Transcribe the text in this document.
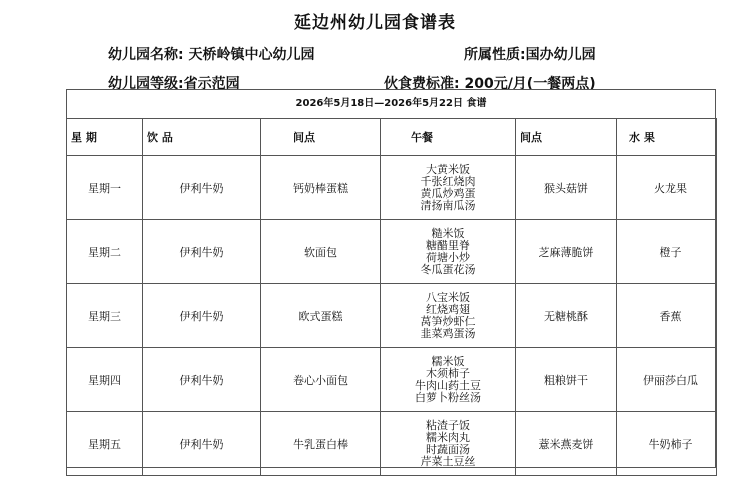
延边州幼儿园食谱表
幼儿园名称: 天桥岭镇中心幼儿园	所属性质:国办幼儿园
幼儿园等级:省示范园	伙食费标准: 200元/月(一餐两点)
2026年5月18日—2026年5月22日 食谱
星 期	饮 品	间点	午餐	间点	水 果
星期一	伊利牛奶	钙奶棒蛋糕	大黄米饭
千张红烧肉
黄瓜炒鸡蛋
清扬南瓜汤	猴头菇饼	火龙果
星期二	伊利牛奶	软面包	糙米饭
糖醋里脊
荷塘小炒
冬瓜蛋花汤	芝麻薄脆饼	橙子
星期三	伊利牛奶	欧式蛋糕	八宝米饭
红烧鸡翅
莴笋炒虾仁
韭菜鸡蛋汤	无糖桃酥	香蕉
星期四	伊利牛奶	卷心小面包	糯米饭
木须柿子
牛肉山药土豆
白萝卜粉丝汤	粗粮饼干	伊丽莎白瓜
星期五	伊利牛奶	牛乳蛋白棒	粘渣子饭
糯米肉丸
时蔬面汤
芹菜土豆丝	薏米燕麦饼	牛奶柿子
